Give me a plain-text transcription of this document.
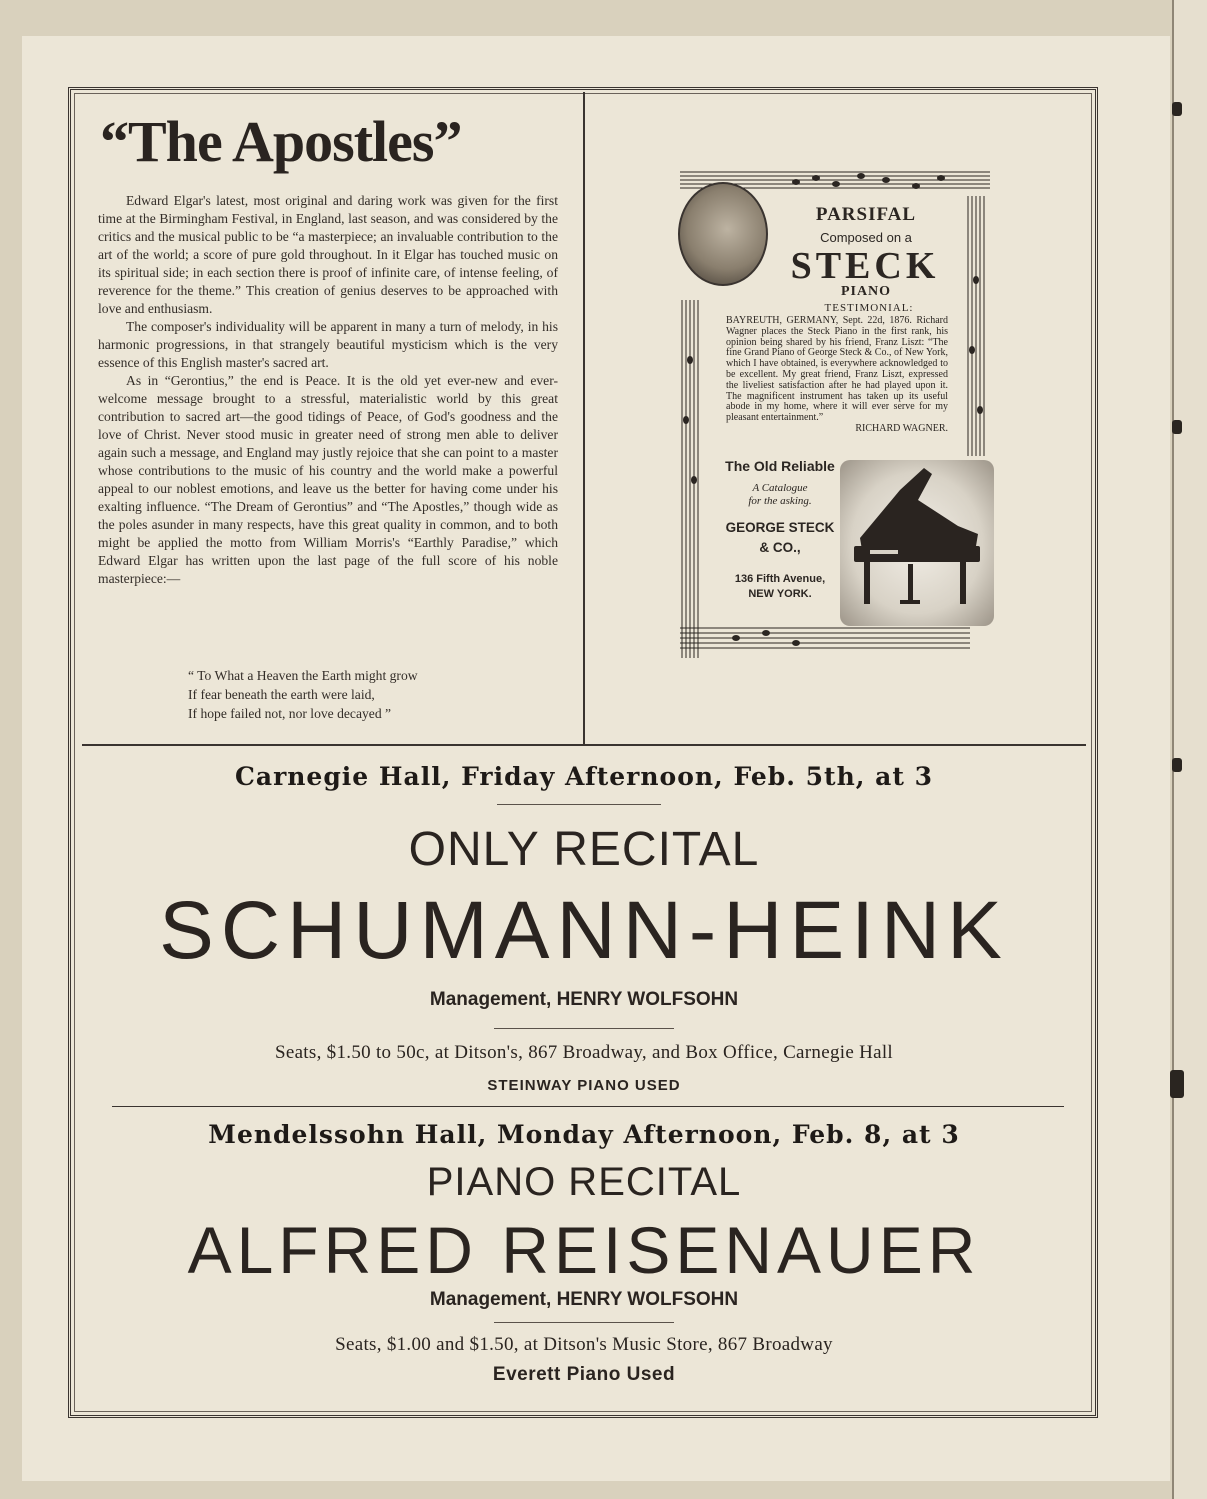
“The Apostles”

Edward Elgar's latest, most original and daring work was given for the first time at the Birmingham Festival, in England, last season, and was considered by the critics and the musical public to be “a masterpiece; an invaluable contribution to the art of the world; a score of pure gold throughout. In it Elgar has touched music on its spiritual side; in each section there is proof of infinite care, of intense feeling, of reverence for the theme.” This creation of genius deserves to be approached with love and enthusiasm.

The composer's individuality will be apparent in many a turn of melody, in his harmonic progressions, in that strangely beautiful mysticism which is the very essence of this English master's sacred art.

As in “Gerontius,” the end is Peace. It is the old yet ever-new and ever-welcome message brought to a stressful, materialistic world by this great contribution to sacred art—the good tidings of Peace, of God's goodness and the love of Christ. Never stood music in greater need of strong men able to deliver again such a message, and England may justly rejoice that she can point to a master whose contributions to the music of his country and the world make a powerful appeal to our noblest emotions, and leave us the better for having come under his exalting influence. “The Dream of Gerontius” and “The Apostles,” though wide as the poles asunder in many respects, have this great quality in common, and to both might be applied the motto from William Morris's “Earthly Paradise,” which Edward Elgar has written upon the last page of the full score of his noble masterpiece:—

“ To What a Heaven the Earth might grow
If fear beneath the earth were laid,
If hope failed not, nor love decayed ”
PARSIFAL
Composed on a
STECK
PIANO
TESTIMONIAL:
BAYREUTH, GERMANY, Sept. 22d, 1876. Richard Wagner places the Steck Piano in the first rank, his opinion being shared by his friend, Franz Liszt: “The fine Grand Piano of George Steck & Co., of New York, which I have obtained, is everywhere acknowledged to be excellent. My great friend, Franz Liszt, expressed the liveliest satisfaction after he had played upon it. The magnificent instrument has taken up its useful abode in my home, where it will ever serve for my pleasant entertainment.”
RICHARD WAGNER.
The Old Reliable
A Catalogue
for the asking.
GEORGE STECK
& CO.,
136 Fifth Avenue,
NEW YORK.
Carnegie Hall, Friday Afternoon, Feb. 5th, at 3
ONLY RECITAL
SCHUMANN-HEINK
Management, HENRY WOLFSOHN
Seats, $1.50 to 50c, at Ditson's, 867 Broadway, and Box Office, Carnegie Hall
STEINWAY PIANO USED
Mendelssohn Hall, Monday Afternoon, Feb. 8, at 3
PIANO RECITAL
ALFRED REISENAUER
Management, HENRY WOLFSOHN
Seats, $1.00 and $1.50, at Ditson's Music Store, 867 Broadway
Everett Piano Used
